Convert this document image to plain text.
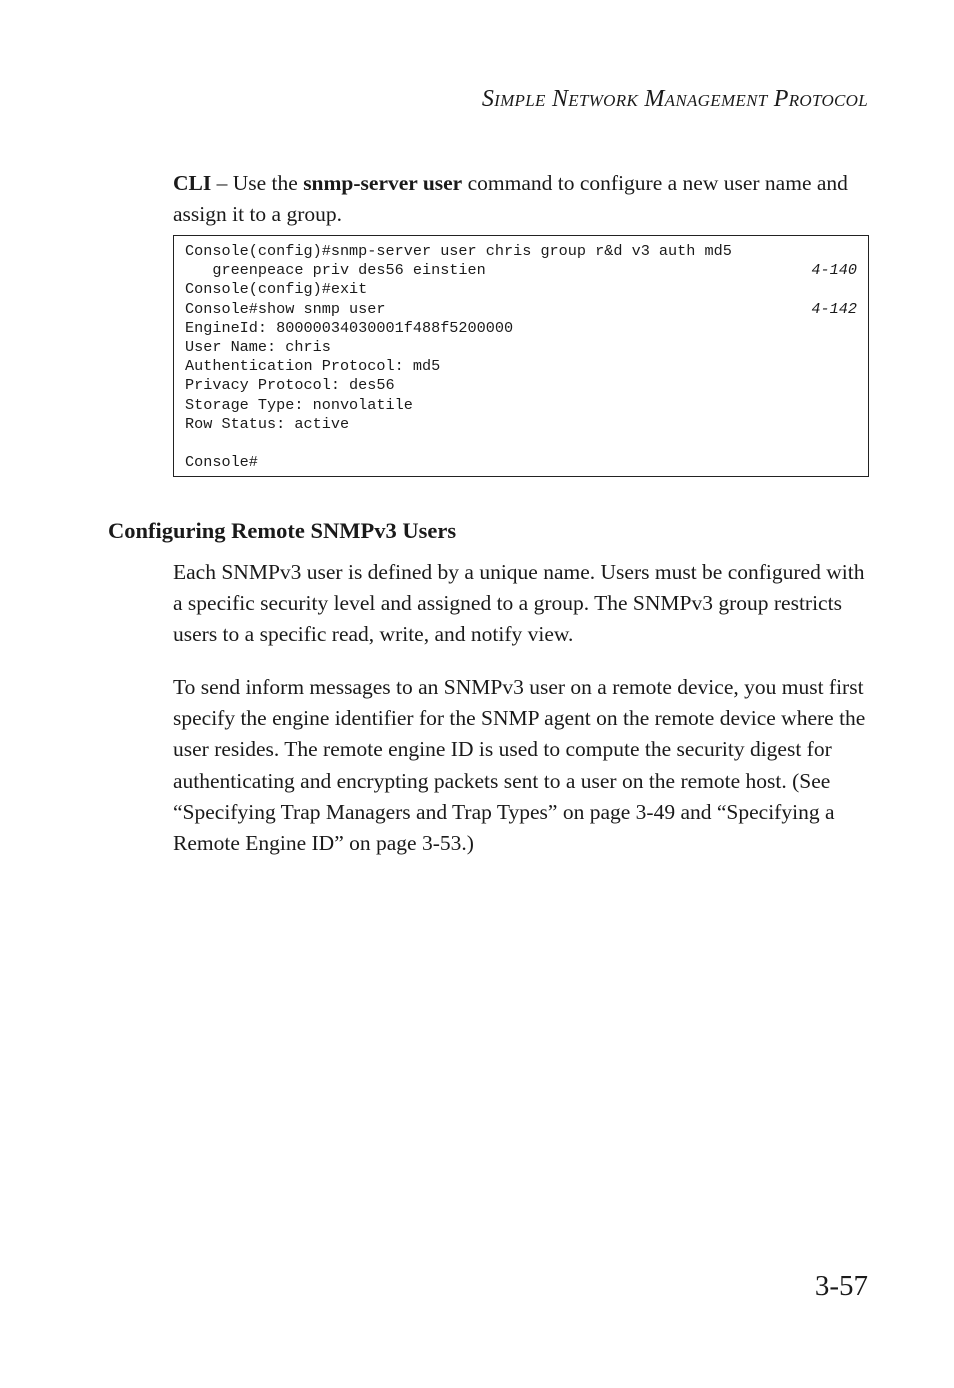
Simple Network Management Protocol

CLI – Use the snmp-server user command to configure a new user name and assign it to a group.

Console(config)#snmp-server user chris group r&d v3 auth md5
greenpeace priv des56 einstien	4-140
Console(config)#exit
Console#show snmp user	4-142
EngineId: 80000034030001f488f5200000
User Name: chris
Authentication Protocol: md5
Privacy Protocol: des56
Storage Type: nonvolatile
Row Status: active
Console#
Configuring Remote SNMPv3 Users

Each SNMPv3 user is defined by a unique name. Users must be configured with a specific security level and assigned to a group. The SNMPv3 group restricts users to a specific read, write, and notify view.

To send inform messages to an SNMPv3 user on a remote device, you must first specify the engine identifier for the SNMP agent on the remote device where the user resides. The remote engine ID is used to compute the security digest for authenticating and encrypting packets sent to a user on the remote host. (See “Specifying Trap Managers and Trap Types” on page 3-49 and “Specifying a Remote Engine ID” on page 3-53.)

3-57
